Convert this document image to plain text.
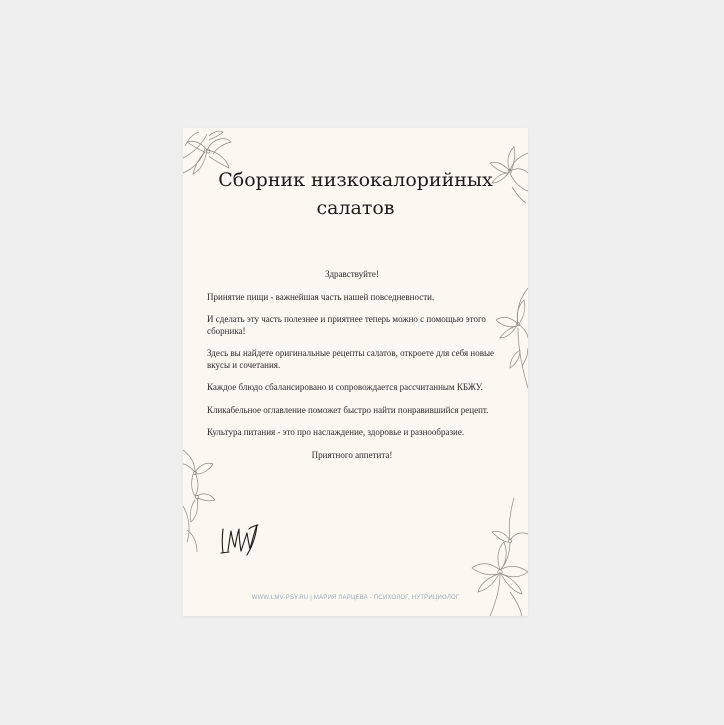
Сборник низкокалорийных
салатов

Здравствуйте!

Принятие пищи - важнейшая часть нашей повседневности.

И сделать эту часть полезнее и приятнее теперь можно с помощью этого сборника!

Здесь вы найдете оригинальные рецепты салатов, откроете для себя новые вкусы и сочетания.

Каждое блюдо сбалансировано и сопровождается рассчитанным КБЖУ.

Кликабельное оглавление поможет быстро найти понравившийся рецепт.

Культура питания - это про наслаждение, здоровье и разнообразие.

Приятного аппетита!

WWW.LMV-PSY.RU | МАРИЯ ЛАРЦЕВА - ПСИХОЛОГ, НУТРИЦИОЛОГ
